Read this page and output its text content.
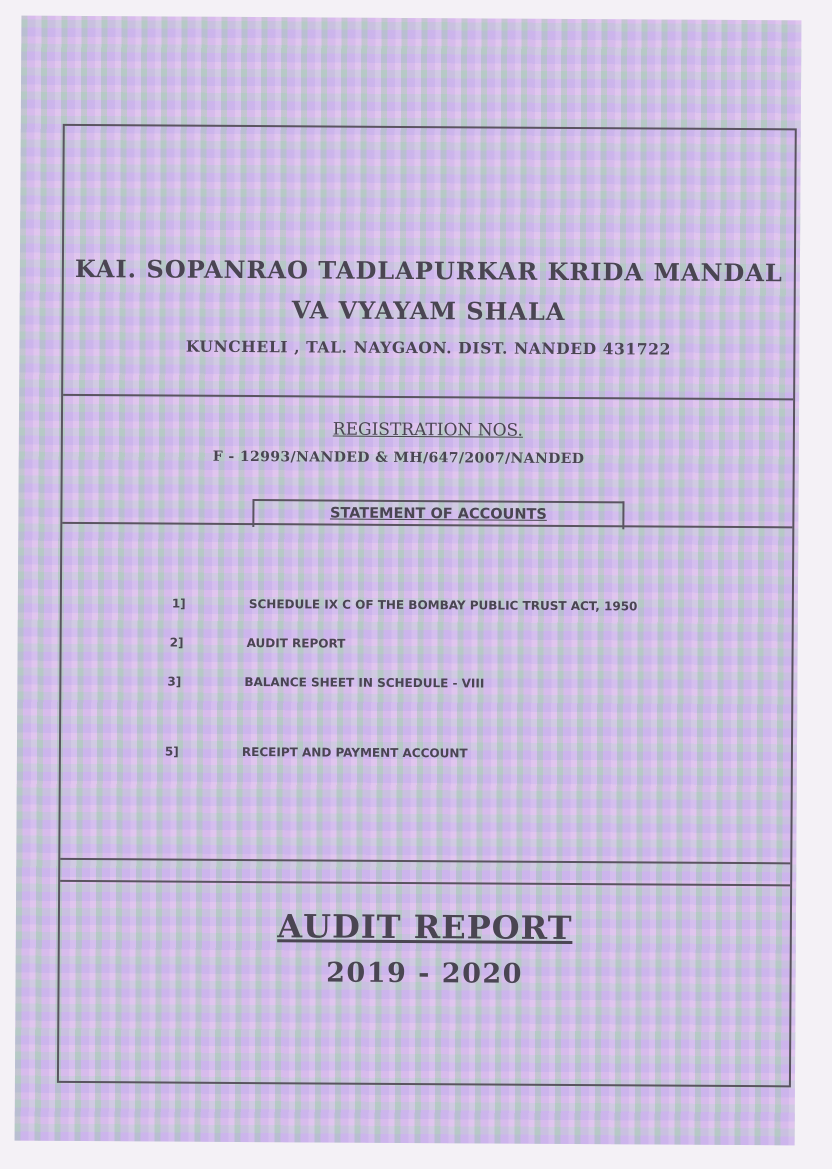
KAI. SOPANRAO TADLAPURKAR KRIDA MANDAL
VA VYAYAM SHALA
KUNCHELI , TAL. NAYGAON. DIST. NANDED 431722
REGISTRATION NOS.
F - 12993/NANDED & MH/647/2007/NANDED
STATEMENT OF ACCOUNTS
1]	SCHEDULE IX C OF THE BOMBAY PUBLIC TRUST ACT, 1950
2]	AUDIT REPORT
3]	BALANCE SHEET IN SCHEDULE - VIII
5]	RECEIPT AND PAYMENT ACCOUNT
AUDIT REPORT
2019 - 2020
